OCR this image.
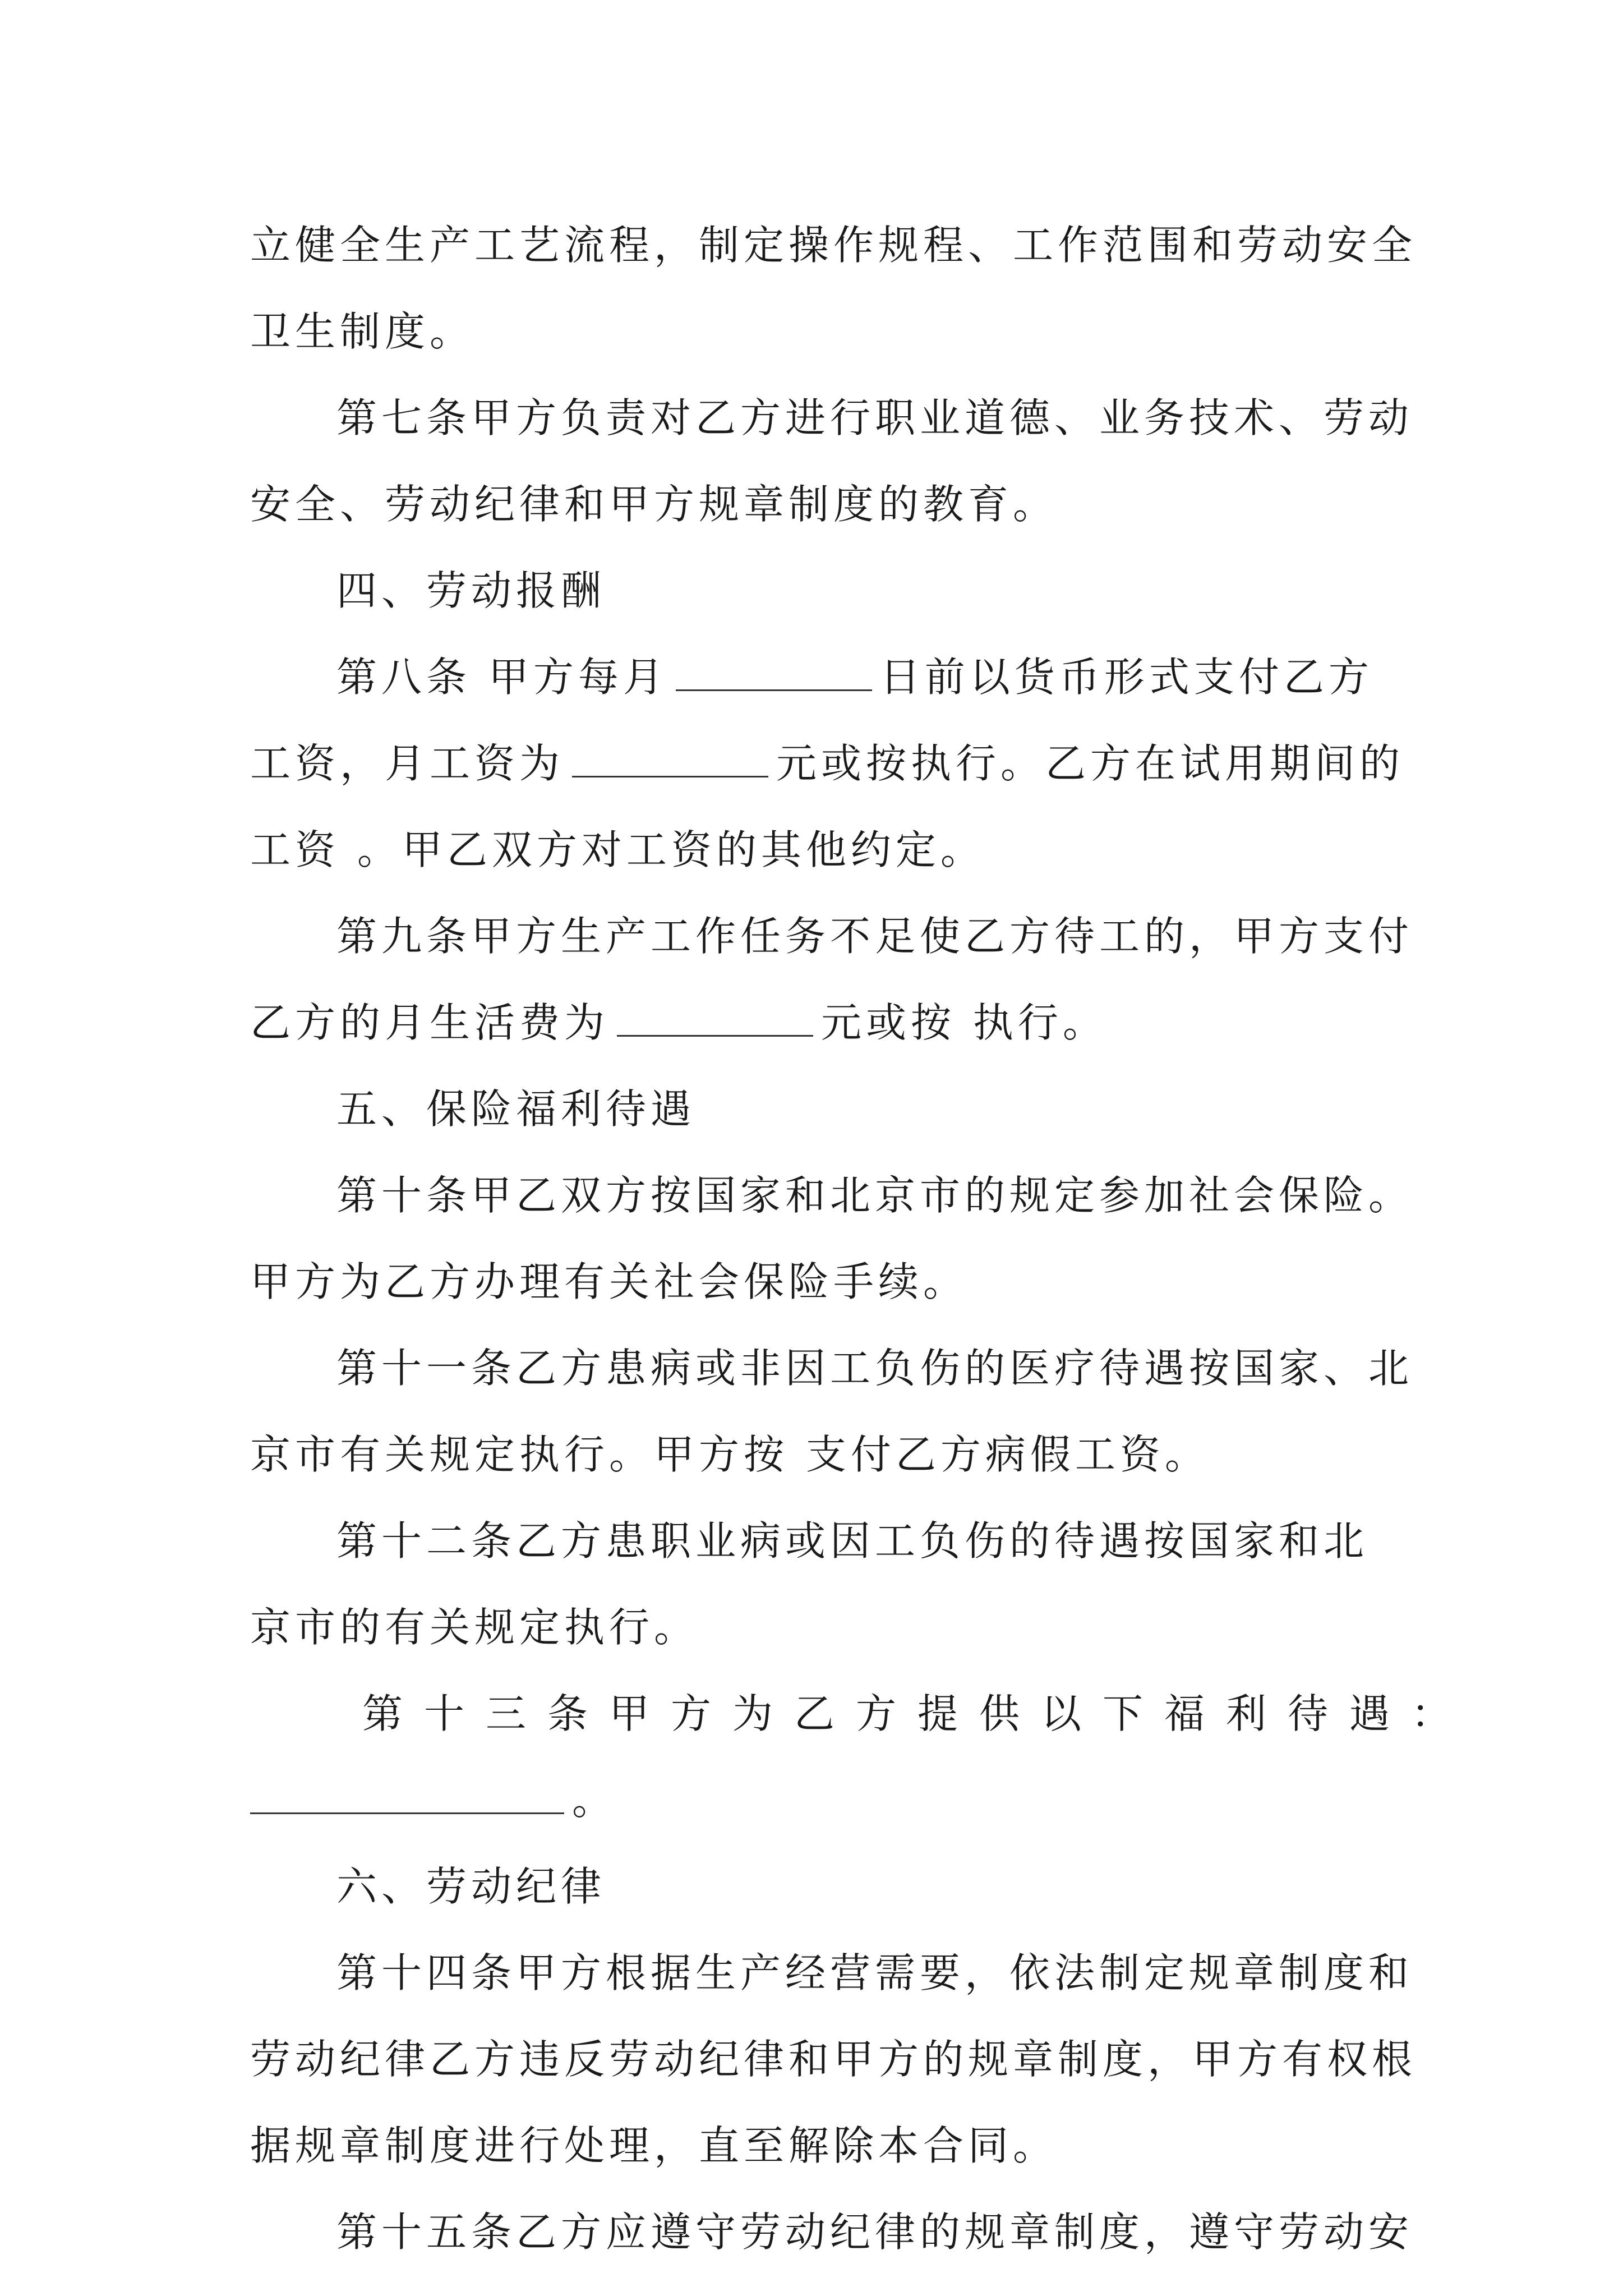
立健全生产工艺流程，制定操作规程、工作范围和劳动安全
卫生制度。
第七条甲方负责对乙方进行职业道德、业务技术、劳动
安全、劳动纪律和甲方规章制度的教育。
四、劳动报酬
第八条 甲方每月	日前以货币形式支付乙方
工资，月工资为	元或按执行。乙方在试用期间的
工资 。甲乙双方对工资的其他约定。
第九条甲方生产工作任务不足使乙方待工的，甲方支付
乙方的月生活费为	元或按 执行。
五、保险福利待遇
第十条甲乙双方按国家和北京市的规定参加社会保险。
甲方为乙方办理有关社会保险手续。
第十一条乙方患病或非因工负伤的医疗待遇按国家、北
京市有关规定执行。甲方按 支付乙方病假工资。
第十二条乙方患职业病或因工负伤的待遇按国家和北
京市的有关规定执行。
第十三条甲方为乙方提供以下福利待遇：
。
六、劳动纪律
第十四条甲方根据生产经营需要，依法制定规章制度和
劳动纪律乙方违反劳动纪律和甲方的规章制度，甲方有权根
据规章制度进行处理，直至解除本合同。
第十五条乙方应遵守劳动纪律的规章制度，遵守劳动安
